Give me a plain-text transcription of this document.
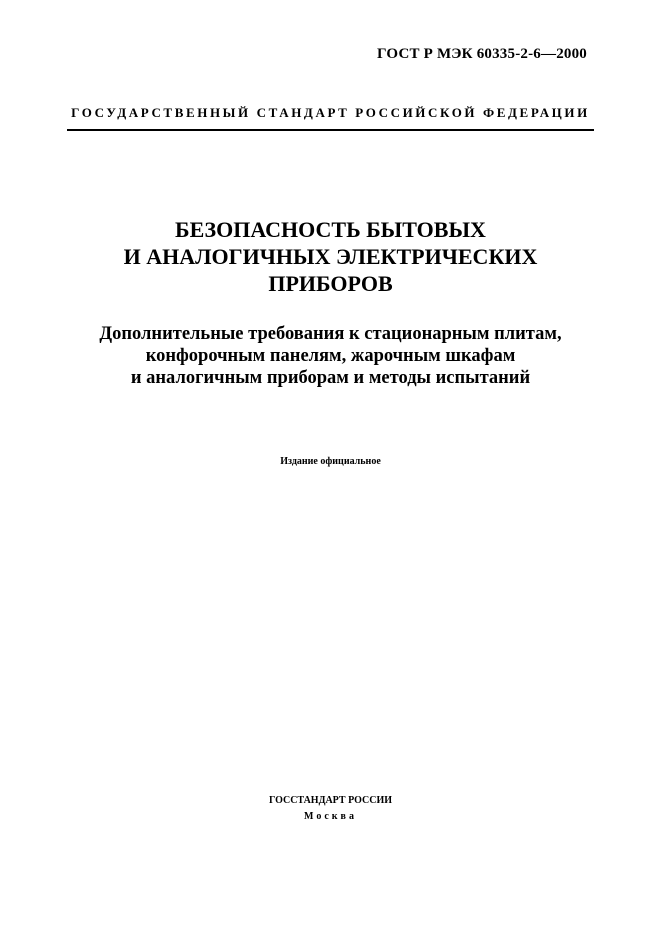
ГОСТ Р МЭК 60335-2-6—2000
ГОСУДАРСТВЕННЫЙ СТАНДАРТ РОССИЙСКОЙ ФЕДЕРАЦИИ
БЕЗОПАСНОСТЬ БЫТОВЫХ
И АНАЛОГИЧНЫХ ЭЛЕКТРИЧЕСКИХ
ПРИБОРОВ
Дополнительные требования к стационарным плитам,
конфорочным панелям, жарочным шкафам
и аналогичным приборам и методы испытаний
Издание официальное
ГОССТАНДАРТ РОССИИ
Москва
